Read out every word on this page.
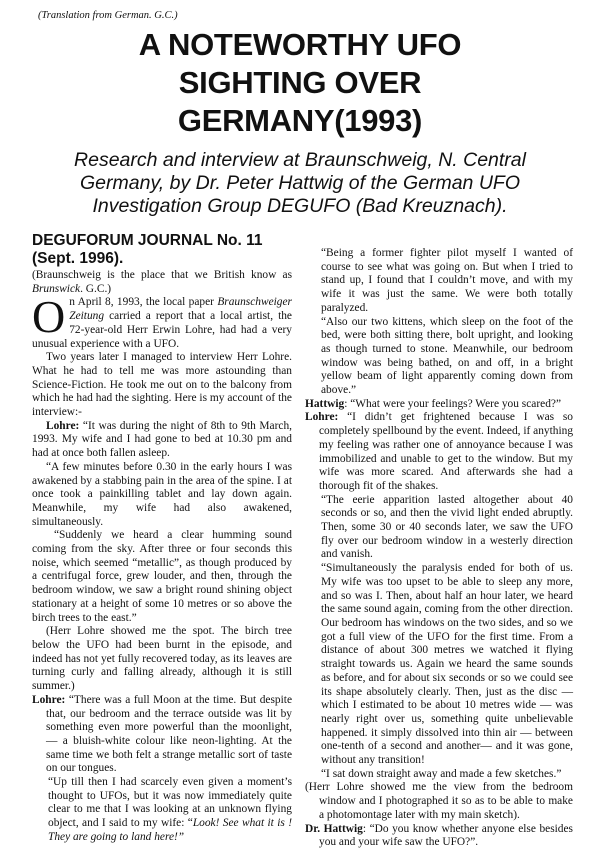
(Translation from German. G.C.)
A NOTEWORTHY UFO
SIGHTING OVER
GERMANY(1993)
Research and interview at Braunschweig, N. Central
Germany, by Dr. Peter Hattwig of the German UFO
Investigation Group DEGUFO (Bad Kreuznach).
DEGUFORUM JOURNAL No. 11
(Sept. 1996).

(Braunschweig is the place that we British know as Brunswick. G.C.)

On April 8, 1993, the local paper Braunschweiger Zeitung carried a report that a local artist, the 72-year-old Herr Erwin Lohre, had had a very unusual experience with a UFO.

Two years later I managed to interview Herr Lohre. What he had to tell me was more astounding than Science-Fiction. He took me out on to the balcony from which he had had the sighting. Here is my account of the interview:-

Lohre: “It was during the night of 8th to 9th March, 1993. My wife and I had gone to bed at 10.30 pm and had at once both fallen asleep.

“A few minutes before 0.30 in the early hours I was awakened by a stabbing pain in the area of the spine. I at once took a painkilling tablet and lay down again. Meanwhile, my wife had also awakened, simultaneously.

“Suddenly we heard a clear humming sound coming from the sky. After three or four seconds this noise, which seemed “metallic”, as though produced by a centrifugal force, grew louder, and then, through the bedroom window, we saw a bright round shining object stationary at a height of some 10 metres or so above the birch trees to the east.”

(Herr Lohre showed me the spot. The birch tree below the UFO had been burnt in the episode, and indeed has not yet fully recovered today, as its leaves are turning curly and falling already, although it is still summer.)

Lohre: “There was a full Moon at the time. But despite that, our bedroom and the terrace outside was lit by something even more powerful than the moonlight, — a bluish-white colour like neon-lighting. At the same time we both felt a strange metallic sort of taste on our tongues.

“Up till then I had scarcely even given a moment’s thought to UFOs, but it was now immediately quite clear to me that I was looking at an unknown flying object, and I said to my wife: “Look! See what it is ! They are going to land here!”

“Being a former fighter pilot myself I wanted of course to see what was going on. But when I tried to stand up, I found that I couldn’t move, and with my wife it was just the same. We were both totally paralyzed.

“Also our two kittens, which sleep on the foot of the bed, were both sitting there, bolt upright, and looking as though turned to stone. Meanwhile, our bedroom window was being bathed, on and off, in a bright yellow beam of light apparently coming down from above.”

Hattwig: “What were your feelings? Were you scared?”

Lohre: “I didn’t get frightened because I was so completely spellbound by the event. Indeed, if anything my feeling was rather one of annoyance because I was immobilized and unable to get to the window. But my wife was more scared. And afterwards she had a thorough fit of the shakes.

“The eerie apparition lasted altogether about 40 seconds or so, and then the vivid light ended abruptly. Then, some 30 or 40 seconds later, we saw the UFO fly over our bedroom window in a westerly direction and vanish.

“Simultaneously the paralysis ended for both of us. My wife was too upset to be able to sleep any more, and so was I. Then, about half an hour later, we heard the same sound again, coming from the other direction. Our bedroom has windows on the two sides, and so we got a full view of the UFO for the first time. From a distance of about 300 metres we watched it flying straight towards us. Again we heard the same sounds as before, and for about six seconds or so we could see its shape absolutely clearly. Then, just as the disc — which I estimated to be about 10 metres wide — was nearly right over us, something quite unbelievable happened. it simply dissolved into thin air — between one-tenth of a second and another— and it was gone, without any transition!

“I sat down straight away and made a few sketches.”

(Herr Lohre showed me the view from the bedroom window and I photographed it so as to be able to make a photomontage later with my main sketch).

Dr. Hattwig: “Do you know whether anyone else besides you and your wife saw the UFO?”.
